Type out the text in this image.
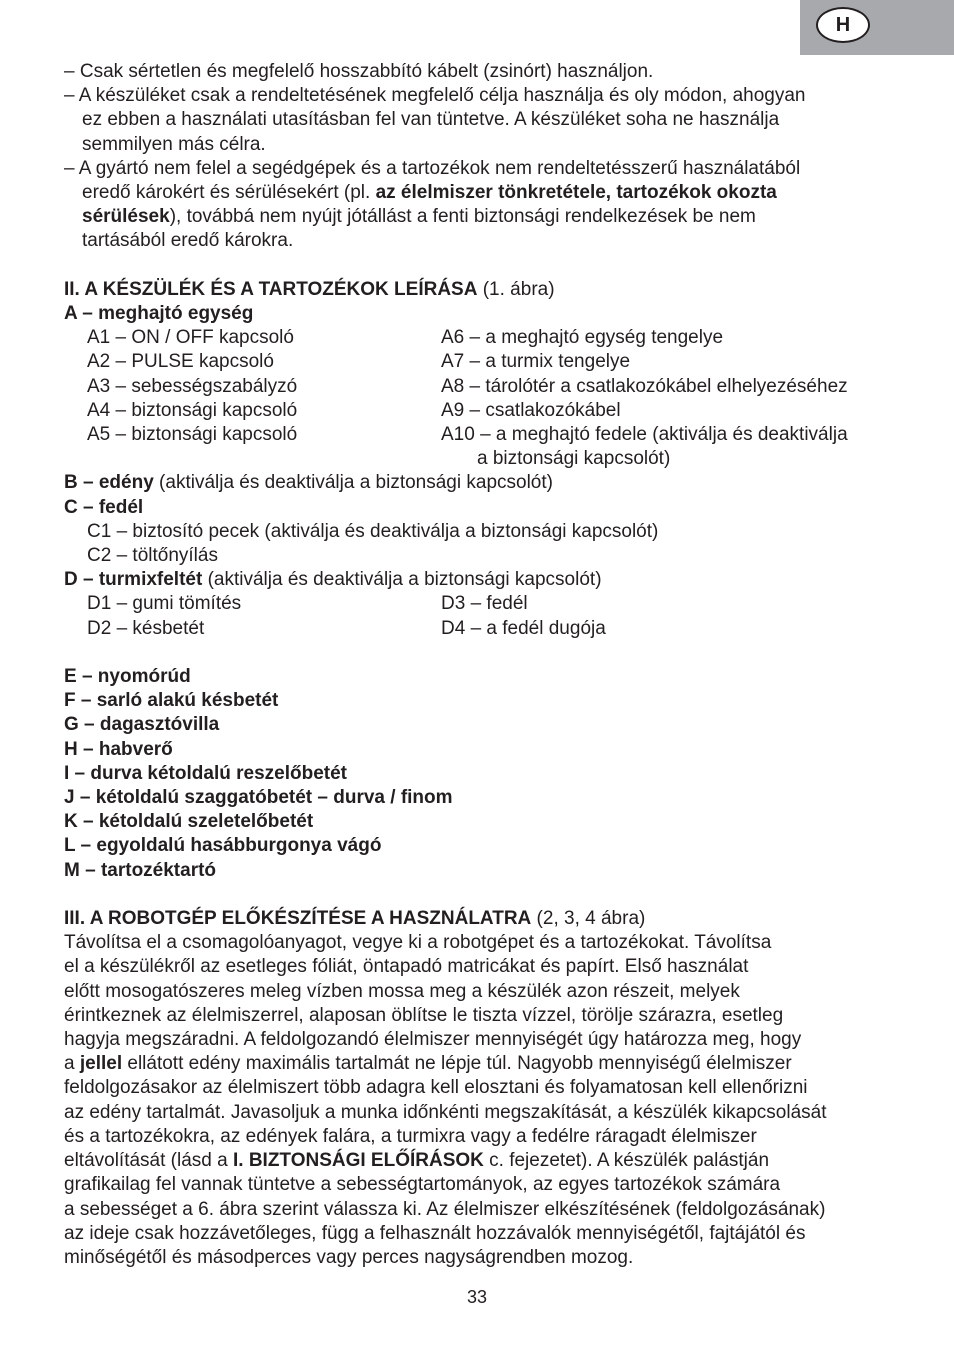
H
– Csak sértetlen és megfelelő hosszabbító kábelt (zsinórt) használjon.
– A készüléket csak a rendeltetésének megfelelő célja használja és oly módon, ahogyan
ez ebben a használati utasításban fel van tüntetve. A készüléket soha ne használja
semmilyen más célra.
– A gyártó nem felel a segédgépek és a tartozékok nem rendeltetésszerű használatából
eredő károkért és sérülésekért (pl. az élelmiszer tönkretétele, tartozékok okozta
sérülések), továbbá nem nyújt jótállást a fenti biztonsági rendelkezések be nem
tartásából eredő károkra.
II. A KÉSZÜLÉK ÉS A TARTOZÉKOK LEÍRÁSA (1. ábra)
A – meghajtó egység
A1 – ON / OFF kapcsoló	A6 – a meghajtó egység tengelye
A2 – PULSE kapcsoló	A7 – a turmix tengelye
A3 – sebességszabályzó	A8 – tárolótér a csatlakozókábel elhelyezéséhez
A4 – biztonsági kapcsoló	A9 – csatlakozókábel
A5 – biztonsági kapcsoló	A10 – a meghajtó fedele (aktiválja és deaktiválja
a biztonsági kapcsolót)
B – edény (aktiválja és deaktiválja a biztonsági kapcsolót)
C – fedél
C1 – biztosító pecek (aktiválja és deaktiválja a biztonsági kapcsolót)
C2 – töltőnyílás
D – turmixfeltét (aktiválja és deaktiválja a biztonsági kapcsolót)
D1 – gumi tömítés	D3 – fedél
D2 – késbetét	D4 – a fedél dugója
E – nyomórúd
F – sarló alakú késbetét
G – dagasztóvilla
H – habverő
I – durva kétoldalú reszelőbetét
J – kétoldalú szaggatóbetét – durva / finom
K – kétoldalú szeletelőbetét
L – egyoldalú hasábburgonya vágó
M – tartozéktartó
III. A ROBOTGÉP ELŐKÉSZÍTÉSE A HASZNÁLATRA (2, 3, 4 ábra)
Távolítsa el a csomagolóanyagot, vegye ki a robotgépet és a tartozékokat. Távolítsa
el a készülékről az esetleges fóliát, öntapadó matricákat és papírt. Első használat
előtt mosogatószeres meleg vízben mossa meg a készülék azon részeit, melyek
érintkeznek az élelmiszerrel, alaposan öblítse le tiszta vízzel, törölje szárazra, esetleg
hagyja megszáradni. A feldolgozandó élelmiszer mennyiségét úgy határozza meg, hogy
a jellel ellátott edény maximális tartalmát ne lépje túl. Nagyobb mennyiségű élelmiszer
feldolgozásakor az élelmiszert több adagra kell elosztani és folyamatosan kell ellenőrizni
az edény tartalmát. Javasoljuk a munka időnkénti megszakítását, a készülék kikapcsolását
és a tartozékokra, az edények falára, a turmixra vagy a fedélre ráragadt élelmiszer
eltávolítását (lásd a I. BIZTONSÁGI ELŐÍRÁSOK c. fejezetet). A készülék palástján
grafikailag fel vannak tüntetve a sebességtartományok, az egyes tartozékok számára
a sebességet a 6. ábra szerint válassza ki. Az élelmiszer elkészítésének (feldolgozásának)
az ideje csak hozzávetőleges, függ a felhasznált hozzávalók mennyiségétől, fajtájától és
minőségétől és másodperces vagy perces nagyságrendben mozog.
33
